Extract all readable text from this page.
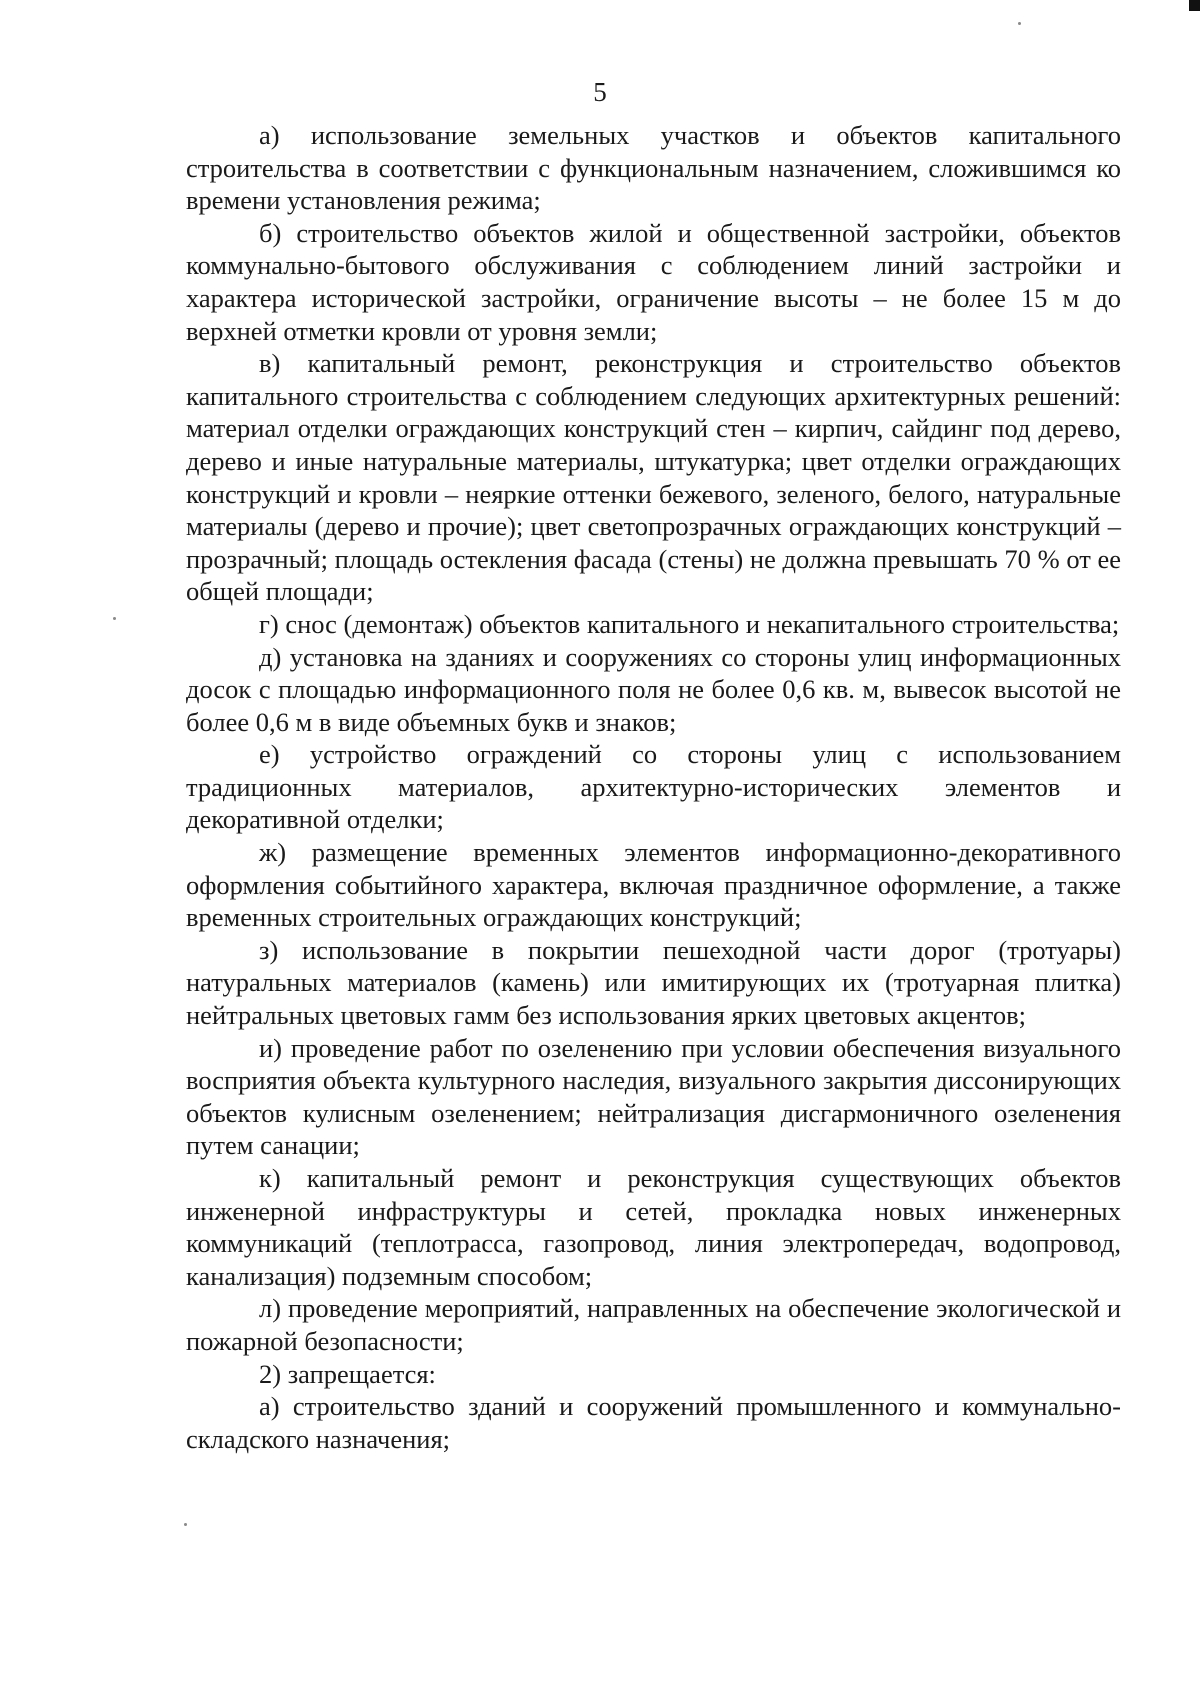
5

а) использование земельных участков и объектов капитального строительства в соответствии с функциональным назначением, сложившимся ко времени установления режима;

б) строительство объектов жилой и общественной застройки, объектов коммунально-бытового обслуживания с соблюдением линий застройки и характера исторической застройки, ограничение высоты – не более 15 м до верхней отметки кровли от уровня земли;

в) капитальный ремонт, реконструкция и строительство объектов капитального строительства с соблюдением следующих архитектурных решений: материал отделки ограждающих конструкций стен – кирпич, сайдинг под дерево, дерево и иные натуральные материалы, штукатурка; цвет отделки ограждающих конструкций и кровли – неяркие оттенки бежевого, зеленого, белого, натуральные материалы (дерево и прочие); цвет светопрозрачных ограждающих конструкций – прозрачный; площадь остекления фасада (стены) не должна превышать 70 % от ее общей площади;

г) снос (демонтаж) объектов капитального и некапитального строительства;

д) установка на зданиях и сооружениях со стороны улиц информационных досок с площадью информационного поля не более 0,6 кв. м, вывесок высотой не более 0,6 м в виде объемных букв и знаков;

е) устройство ограждений со стороны улиц с использованием традиционных материалов, архитектурно-исторических элементов и декоративной отделки;

ж) размещение временных элементов информационно-декоративного оформления событийного характера, включая праздничное оформление, а также временных строительных ограждающих конструкций;

з) использование в покрытии пешеходной части дорог (тротуары) натуральных материалов (камень) или имитирующих их (тротуарная плитка) нейтральных цветовых гамм без использования ярких цветовых акцентов;

и) проведение работ по озеленению при условии обеспечения визуального восприятия объекта культурного наследия, визуального закрытия диссонирующих объектов кулисным озеленением; нейтрализация дисгармоничного озеленения путем санации;

к) капитальный ремонт и реконструкция существующих объектов инженерной инфраструктуры и сетей, прокладка новых инженерных коммуникаций (теплотрасса, газопровод, линия электропередач, водопровод, канализация) подземным способом;

л) проведение мероприятий, направленных на обеспечение экологической и пожарной безопасности;

2) запрещается:

а) строительство зданий и сооружений промышленного и коммунально-складского назначения;
